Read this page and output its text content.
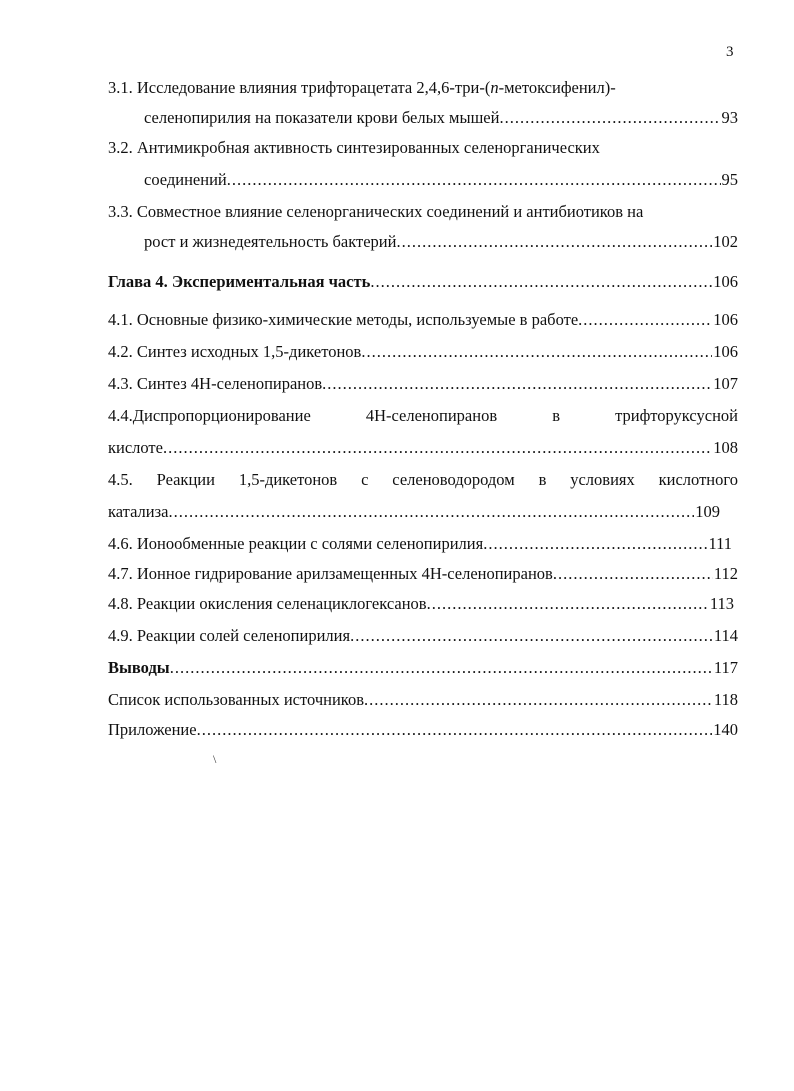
3
3.1. Исследование влияния трифторацетата 2,4,6-три-( n -метоксифенил)-
селенопирилия на показатели крови белых мышей .....	93
3.2. Антимикробная активность синтезированных селенорганических
соединений .....	95
3.3. Совместное влияние селенорганических соединений и антибиотиков на
рост и жизнедеятельность бактерий .....	102
Глава 4. Экспериментальная часть .....	106
4.1. Основные физико-химические методы, используемые в работе .....	106
4.2. Синтез исходных 1,5-дикетонов .....	106
4.3. Синтез 4Н-селенопиранов .....	107
4.4.Диспропорционирование	4Н-селенопиранов	в	трифторуксусной
кислоте .....	108
4.5. Реакции 1,5-дикетонов с селеноводородом в условиях кислотного
катализа .....	109
4.6. Ионообменные реакции с солями селенопирилия .....	111
4.7. Ионное гидрирование арилзамещенных 4Н-селенопиранов .....	112
4.8. Реакции окисления селенациклогексанов .....	113
4.9. Реакции солей селенопирилия .....	114
Выводы .....	117
Список использованных источников .....	118
Приложение .....	140
\
